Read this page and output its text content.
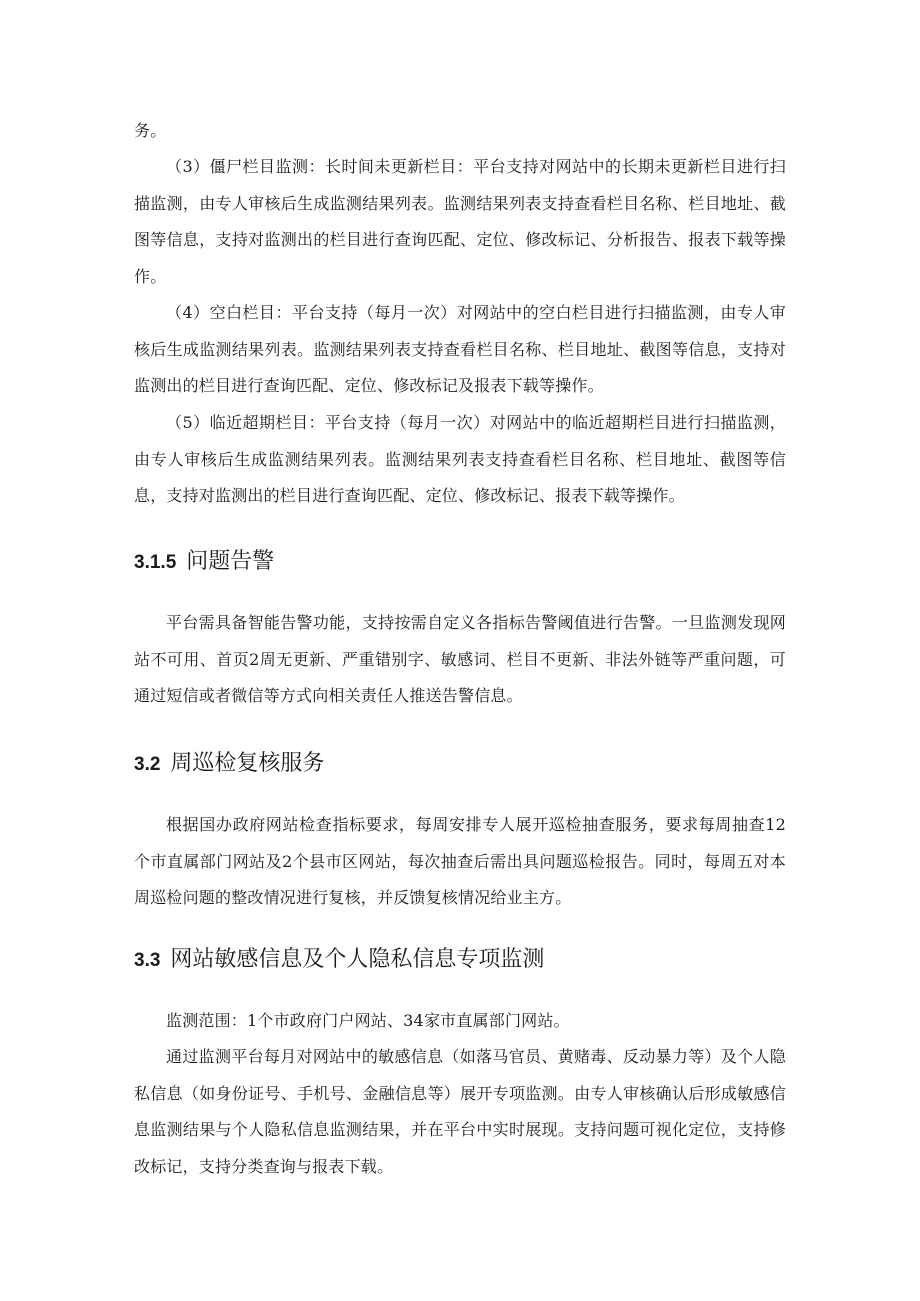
务。

（3）僵尸栏目监测：长时间未更新栏目：平台支持对网站中的长期未更新栏目进行扫描监测，由专人审核后生成监测结果列表。监测结果列表支持查看栏目名称、栏目地址、截图等信息，支持对监测出的栏目进行查询匹配、定位、修改标记、分析报告、报表下载等操作。

（4）空白栏目：平台支持（每月一次）对网站中的空白栏目进行扫描监测，由专人审核后生成监测结果列表。监测结果列表支持查看栏目名称、栏目地址、截图等信息，支持对监测出的栏目进行查询匹配、定位、修改标记及报表下载等操作。

（5）临近超期栏目：平台支持（每月一次）对网站中的临近超期栏目进行扫描监测，由专人审核后生成监测结果列表。监测结果列表支持查看栏目名称、栏目地址、截图等信息，支持对监测出的栏目进行查询匹配、定位、修改标记、报表下载等操作。

3.1.5 问题告警

平台需具备智能告警功能，支持按需自定义各指标告警阈值进行告警。一旦监测发现网站不可用、首页2周无更新、严重错别字、敏感词、栏目不更新、非法外链等严重问题，可通过短信或者微信等方式向相关责任人推送告警信息。

3.2 周巡检复核服务

根据国办政府网站检查指标要求，每周安排专人展开巡检抽查服务，要求每周抽查12个市直属部门网站及2个县市区网站，每次抽查后需出具问题巡检报告。同时，每周五对本周巡检问题的整改情况进行复核，并反馈复核情况给业主方。

3.3 网站敏感信息及个人隐私信息专项监测

监测范围：1个市政府门户网站、34家市直属部门网站。

通过监测平台每月对网站中的敏感信息（如落马官员、黄赌毒、反动暴力等）及个人隐私信息（如身份证号、手机号、金融信息等）展开专项监测。由专人审核确认后形成敏感信息监测结果与个人隐私信息监测结果，并在平台中实时展现。支持问题可视化定位，支持修改标记，支持分类查询与报表下载。
